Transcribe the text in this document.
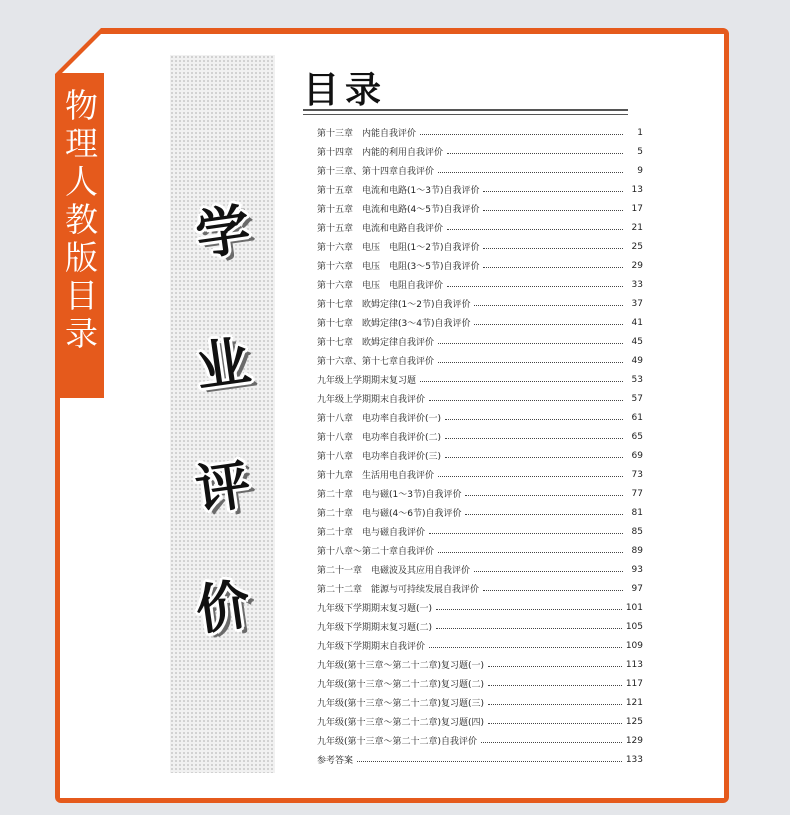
物
理
人
教
版
目
录
学
业
评
价
目录
第十三章　内能自我评价	1
第十四章　内能的利用自我评价	5
第十三章、第十四章自我评价	9
第十五章　电流和电路(1～3节)自我评价	13
第十五章　电流和电路(4～5节)自我评价	17
第十五章　电流和电路自我评价	21
第十六章　电压　电阻(1～2节)自我评价	25
第十六章　电压　电阻(3～5节)自我评价	29
第十六章　电压　电阻自我评价	33
第十七章　欧姆定律(1～2节)自我评价	37
第十七章　欧姆定律(3～4节)自我评价	41
第十七章　欧姆定律自我评价	45
第十六章、第十七章自我评价	49
九年级上学期期末复习题	53
九年级上学期期末自我评价	57
第十八章　电功率自我评价(一)	61
第十八章　电功率自我评价(二)	65
第十八章　电功率自我评价(三)	69
第十九章　生活用电自我评价	73
第二十章　电与磁(1～3节)自我评价	77
第二十章　电与磁(4～6节)自我评价	81
第二十章　电与磁自我评价	85
第十八章～第二十章自我评价	89
第二十一章　电磁波及其应用自我评价	93
第二十二章　能源与可持续发展自我评价	97
九年级下学期期末复习题(一)	101
九年级下学期期末复习题(二)	105
九年级下学期期末自我评价	109
九年级(第十三章～第二十二章)复习题(一)	113
九年级(第十三章～第二十二章)复习题(二)	117
九年级(第十三章～第二十二章)复习题(三)	121
九年级(第十三章～第二十二章)复习题(四)	125
九年级(第十三章～第二十二章)自我评价	129
参考答案	133
